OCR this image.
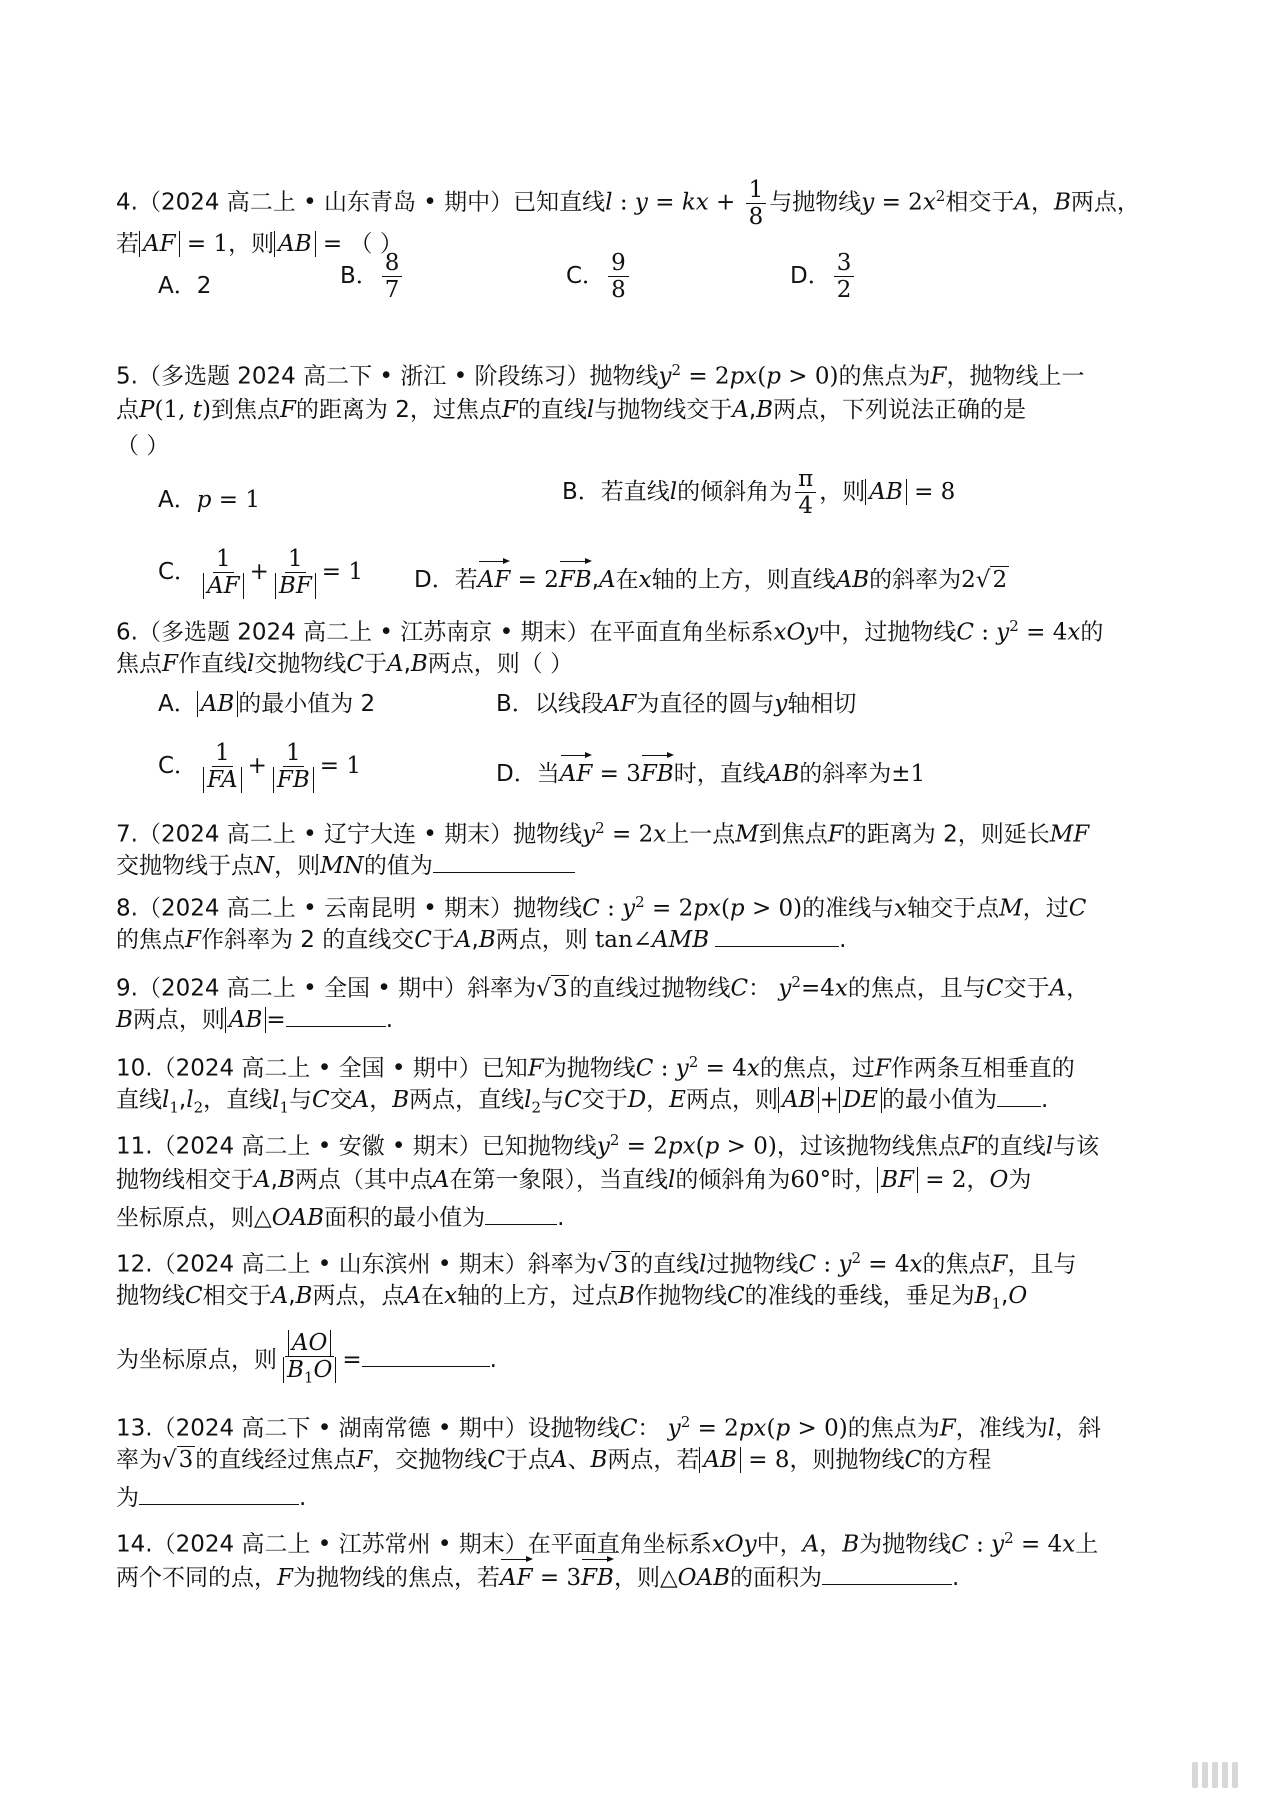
4.（2024 高二上 • 山东青岛 • 期中）已知直线l : y = kx + $\frac{1}{8}$ 与抛物线$y = 2x^2$相交于A，B两点，
若 AF = 1，则 AB = （ ）
A．2	B． $\frac{8}{7}$	C． $\frac{9}{8}$	D． $\frac{3}{2}$
5.（多选题 2024 高二下 • 浙江 • 阶段练习）抛物线$y^2 = 2px(p > 0)$的焦点为F，抛物线上一
点P(1, t)到焦点F的距离为 2，过焦点F的直线l与抛物线交于A,B两点，下列说法正确的是
（ ）
A．p = 1	B．若直线l的倾斜角为 $\frac{\pi}{4}$ ，则 AB = 8
C． $\frac{1}{AF} + \frac{1}{BF} = 1$ D．若AF = 2FB,A在x轴的上方，则直线AB的斜率为2√2
6.（多选题 2024 高二上 • 江苏南京 • 期末）在平面直角坐标系xOy中，过抛物线C : $y^2 = 4x$的
焦点F作直线l交抛物线C于A,B两点，则（ ）
A． AB 的最小值为 2	B．以线段AF为直径的圆与y轴相切
C． $\frac{1}{FA} + \frac{1}{FB} = 1$	D．当AF = 3FB时，直线AB的斜率为±1
7.（2024 高二上 • 辽宁大连 • 期末）抛物线$y^2 = 2x$上一点M到焦点F的距离为 2，则延长MF
交抛物线于点N，则MN的值为
8.（2024 高二上 • 云南昆明 • 期末）抛物线C : $y^2 = 2px(p > 0)$的准线与x轴交于点M，过C
的焦点F作斜率为 2 的直线交C于A,B两点，则 tan∠AMB	.
9.（2024 高二上 • 全国 • 期中）斜率为√3的直线过抛物线C： $y^2=4x$的焦点，且与C交于A，
B两点，则 AB =	.
10.（2024 高二上 • 全国 • 期中）已知F为抛物线C : $y^2 = 4x$的焦点，过F作两条互相垂直的
直线$l_1,l_2$，直线$l_1$与C交A，B两点，直线$l_2$与C交于D，E两点，则 AB + DE 的最小值为 .
11.（2024 高二上 • 安徽 • 期末）已知抛物线$y^2 = 2px(p > 0)$，过该抛物线焦点F的直线l与该
抛物线相交于A,B两点（其中点A在第一象限），当直线l的倾斜角为60°时， BF = 2，O为
坐标原点，则△OAB面积的最小值为	.
12.（2024 高二上 • 山东滨州 • 期末）斜率为√3的直线l过抛物线C : $y^2 = 4x$的焦点F，且与
抛物线C相交于A,B两点，点A在x轴的上方，过点B作抛物线C的准线的垂线，垂足为$B_1,O$
为坐标原点，则 $\frac{AO}{B_1O}$ =	.
13.（2024 高二下 • 湖南常德 • 期中）设抛物线C： $y^2 = 2px(p > 0)$的焦点为F，准线为l，斜
率为√3的直线经过焦点F，交抛物线C于点A、B两点，若 AB = 8，则抛物线C的方程
为	.
14.（2024 高二上 • 江苏常州 • 期末）在平面直角坐标系xOy中，A，B为抛物线C : $y^2 = 4x$上
两个不同的点，F为抛物线的焦点，若AF = 3FB，则△OAB的面积为	.
